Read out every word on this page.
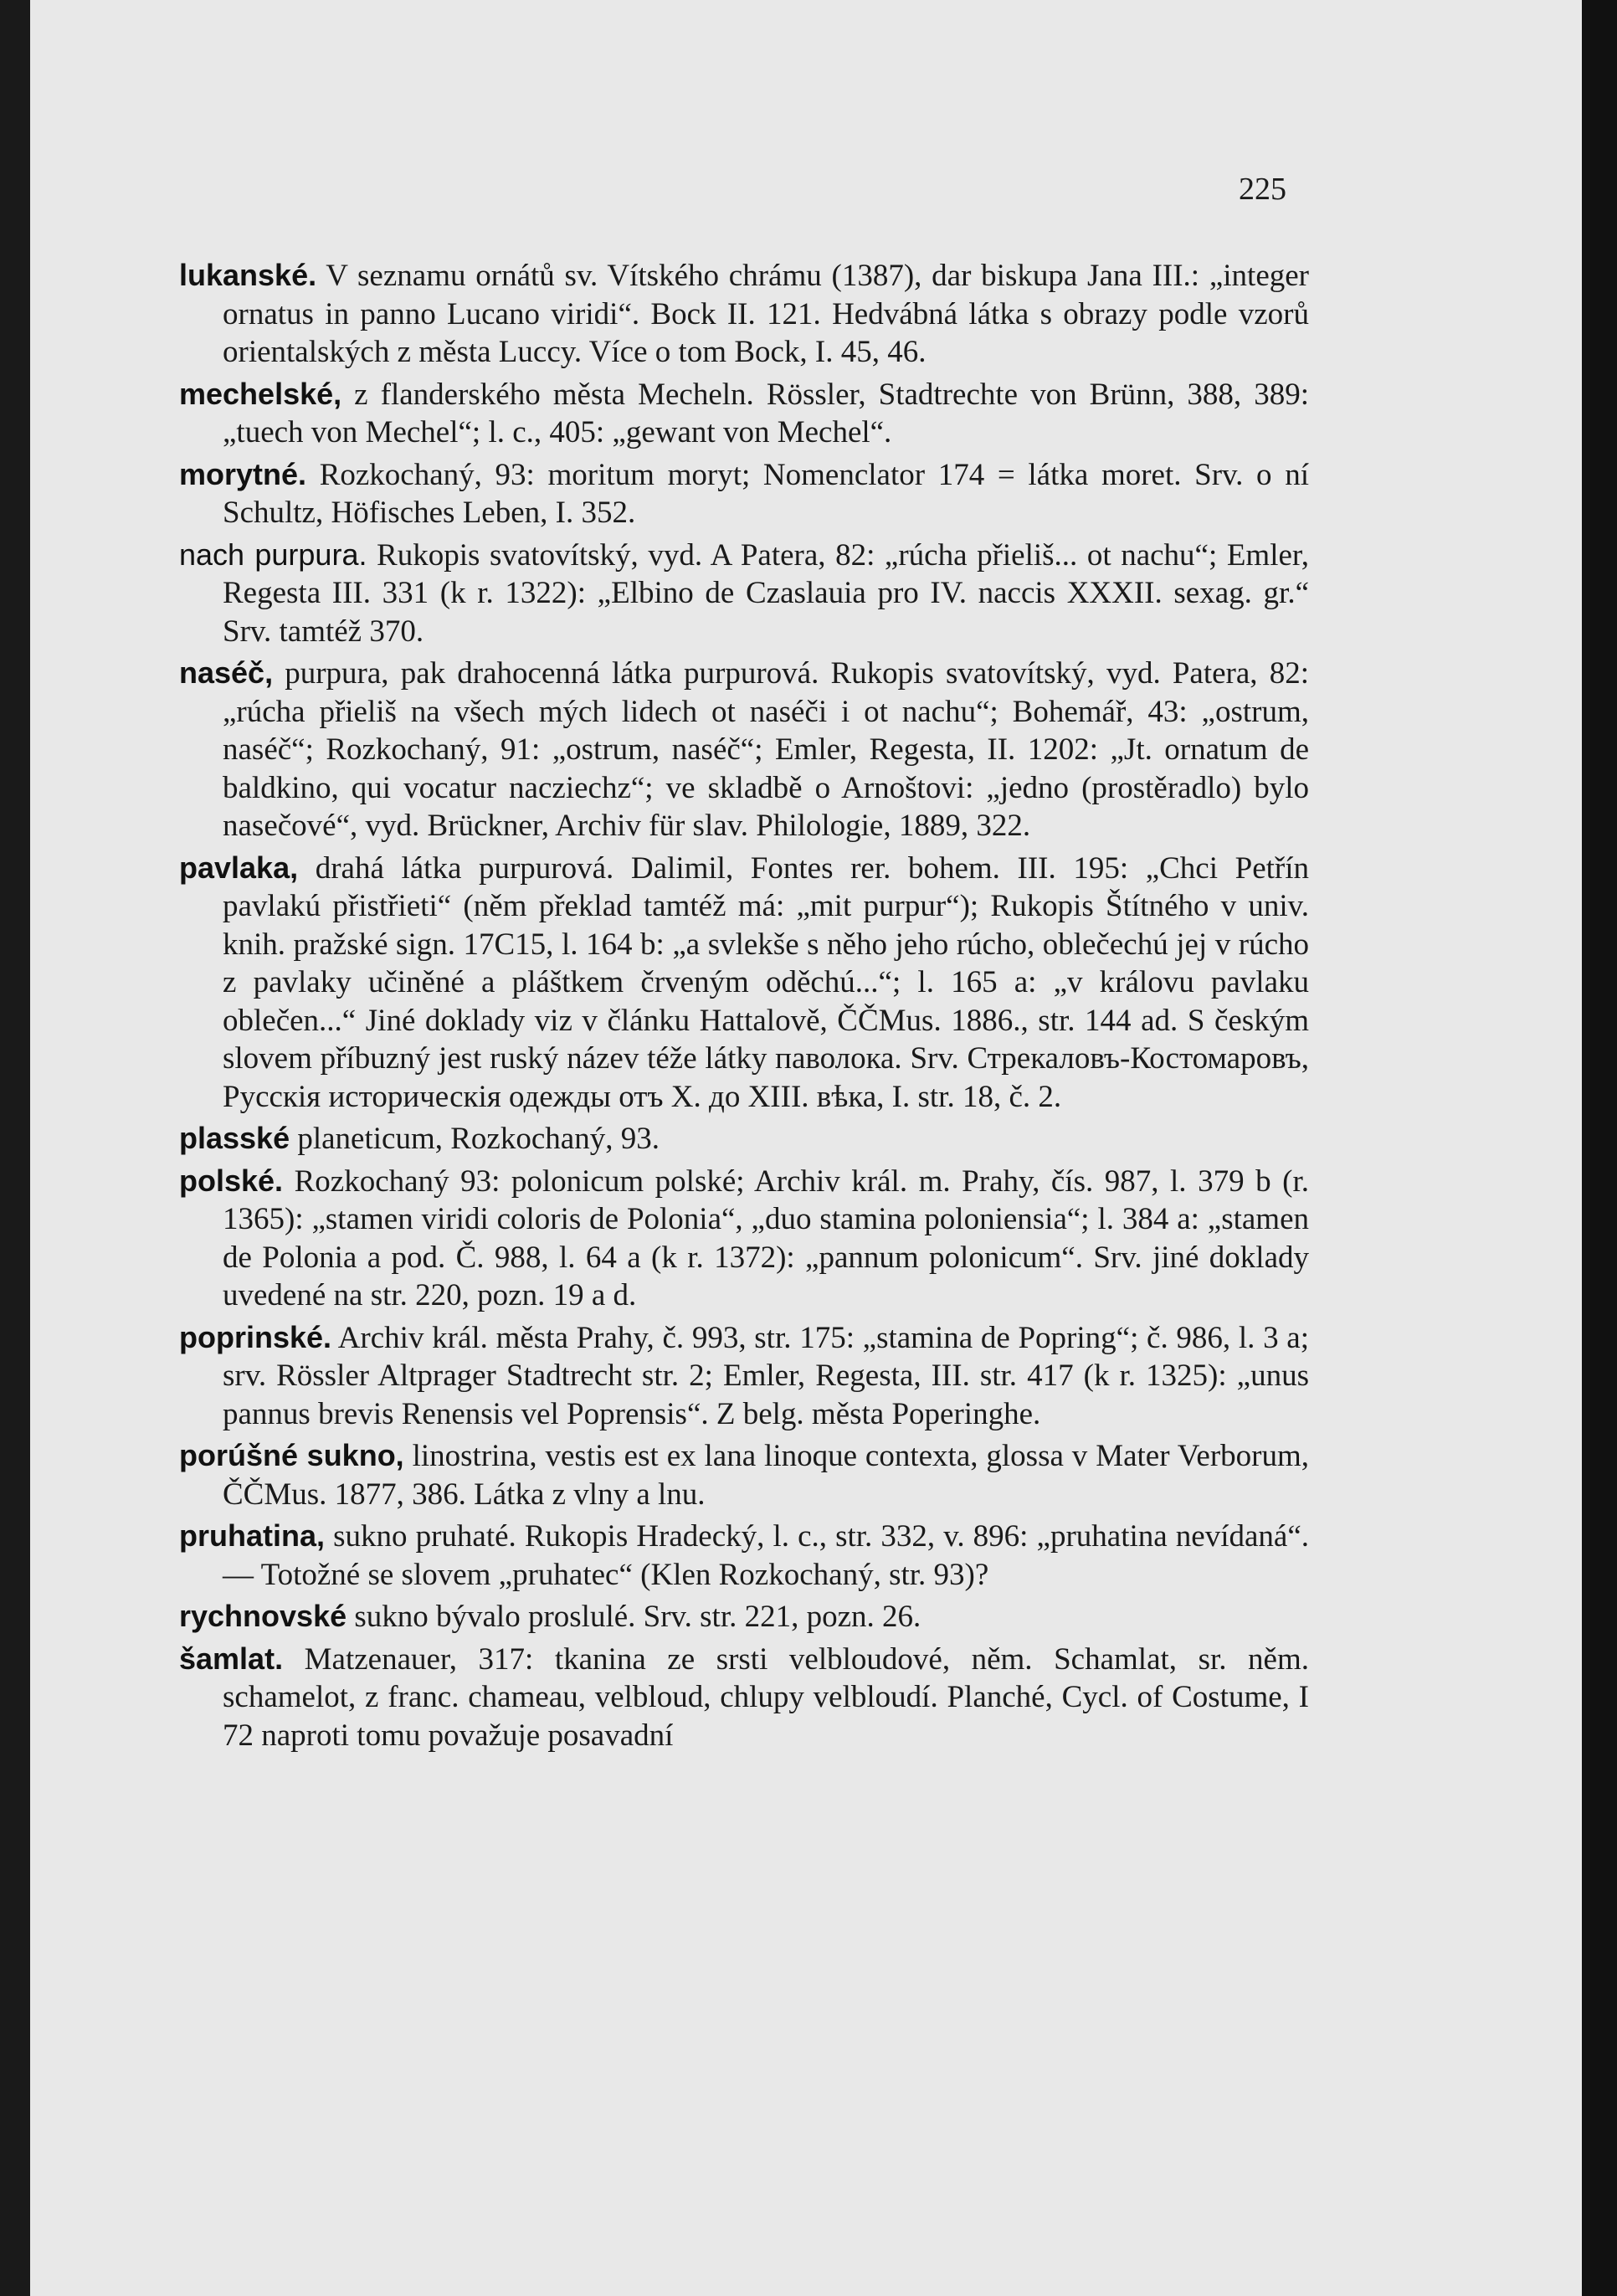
225

lukanské. V seznamu ornátů sv. Vítského chrámu (1387), dar biskupa Jana III.: „integer ornatus in panno Lucano viridi“. Bock II. 121. Hedvábná látka s obrazy podle vzorů orientalských z města Luccy. Více o tom Bock, I. 45, 46.

mechelské, z flanderského města Mecheln. Rössler, Stadtrechte von Brünn, 388, 389: „tuech von Mechel“; l. c., 405: „gewant von Mechel“.

morytné. Rozkochaný, 93: moritum moryt; Nomenclator 174 = látka moret. Srv. o ní Schultz, Höfisches Leben, I. 352.

nach purpura. Rukopis svatovítský, vyd. A Patera, 82: „rúcha přieliš... ot nachu“; Emler, Regesta III. 331 (k r. 1322): „Elbino de Czaslauia pro IV. naccis XXXII. sexag. gr.“ Srv. tamtéž 370.

naséč, purpura, pak drahocenná látka purpurová. Rukopis svatovítský, vyd. Patera, 82: „rúcha přieliš na všech mých lidech ot naséči i ot nachu“; Bohemář, 43: „ostrum, naséč“; Rozkochaný, 91: „ostrum, naséč“; Emler, Regesta, II. 1202: „Jt. ornatum de baldkino, qui vocatur nacziechz“; ve skladbě o Arnoštovi: „jedno (prostěradlo) bylo nasečové“, vyd. Brückner, Archiv für slav. Philologie, 1889, 322.

pavlaka, drahá látka purpurová. Dalimil, Fontes rer. bohem. III. 195: „Chci Petřín pavlakú přistřieti“ (něm překlad tamtéž má: „mit purpur“); Rukopis Štítného v univ. knih. pražské sign. 17C15, l. 164 b: „a svlekše s něho jeho rúcho, oblečechú jej v rúcho z pavlaky učiněné a pláštkem črveným oděchú...“; l. 165 a: „v královu pavlaku oblečen...“ Jiné doklady viz v článku Hattalově, ČČMus. 1886., str. 144 ad. S českým slovem příbuzný jest ruský název téže látky паволока. Srv. Стрекаловъ-Костомаровъ, Русскія историческія одежды отъ X. до XIII. вѣка, I. str. 18, č. 2.

plasské planeticum, Rozkochaný, 93.

polské. Rozkochaný 93: polonicum polské; Archiv král. m. Prahy, čís. 987, l. 379 b (r. 1365): „stamen viridi coloris de Polonia“, „duo stamina poloniensia“; l. 384 a: „stamen de Polonia a pod. Č. 988, l. 64 a (k r. 1372): „pannum polonicum“. Srv. jiné doklady uvedené na str. 220, pozn. 19 a d.

poprinské. Archiv král. města Prahy, č. 993, str. 175: „stamina de Popring“; č. 986, l. 3 a; srv. Rössler Altprager Stadtrecht str. 2; Emler, Regesta, III. str. 417 (k r. 1325): „unus pannus brevis Renensis vel Poprensis“. Z belg. města Poperinghe.

porúšné sukno, linostrina, vestis est ex lana linoque contexta, glossa v Mater Verborum, ČČMus. 1877, 386. Látka z vlny a lnu.

pruhatina, sukno pruhaté. Rukopis Hradecký, l. c., str. 332, v. 896: „pruhatina nevídaná“. — Totožné se slovem „pruhatec“ (Klen Rozkochaný, str. 93)?

rychnovské sukno bývalo proslulé. Srv. str. 221, pozn. 26.

šamlat. Matzenauer, 317: tkanina ze srsti velbloudové, něm. Schamlat, sr. něm. schamelot, z franc. chameau, velbloud, chlupy velbloudí. Planché, Cycl. of Costume, I 72 naproti tomu považuje posavadní
